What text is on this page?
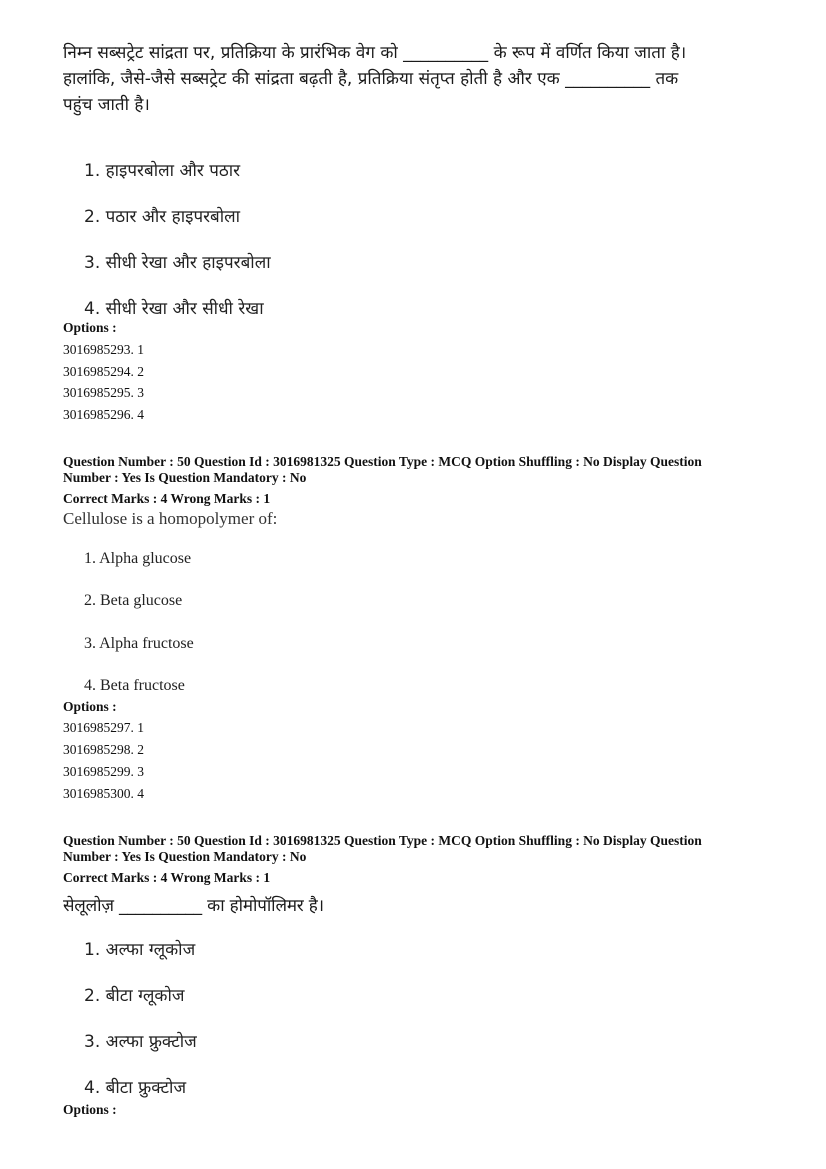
निम्न सब्सट्रेट सांद्रता पर, प्रतिक्रिया के प्रारंभिक वेग को __________ के रूप में वर्णित किया जाता है।
हालांकि, जैसे-जैसे सब्सट्रेट की सांद्रता बढ़ती है, प्रतिक्रिया संतृप्त होती है और एक __________ तक
पहुंच जाती है।
1. हाइपरबोला और पठार
2. पठार और हाइपरबोला
3. सीधी रेखा और हाइपरबोला
4. सीधी रेखा और सीधी रेखा
Options :
3016985293. 1
3016985294. 2
3016985295. 3
3016985296. 4
Question Number : 50 Question Id : 3016981325 Question Type : MCQ Option Shuffling : No Display Question
Number : Yes Is Question Mandatory : No
Correct Marks : 4 Wrong Marks : 1
Cellulose is a homopolymer of:
1. Alpha glucose
2. Beta glucose
3. Alpha fructose
4. Beta fructose
Options :
3016985297. 1
3016985298. 2
3016985299. 3
3016985300. 4
Question Number : 50 Question Id : 3016981325 Question Type : MCQ Option Shuffling : No Display Question
Number : Yes Is Question Mandatory : No
Correct Marks : 4 Wrong Marks : 1
सेलूलोज़ __________ का होमोपॉलिमर है।
1. अल्फा ग्लूकोज
2. बीटा ग्लूकोज
3. अल्फा फ्रुक्टोज
4. बीटा फ्रुक्टोज
Options :
